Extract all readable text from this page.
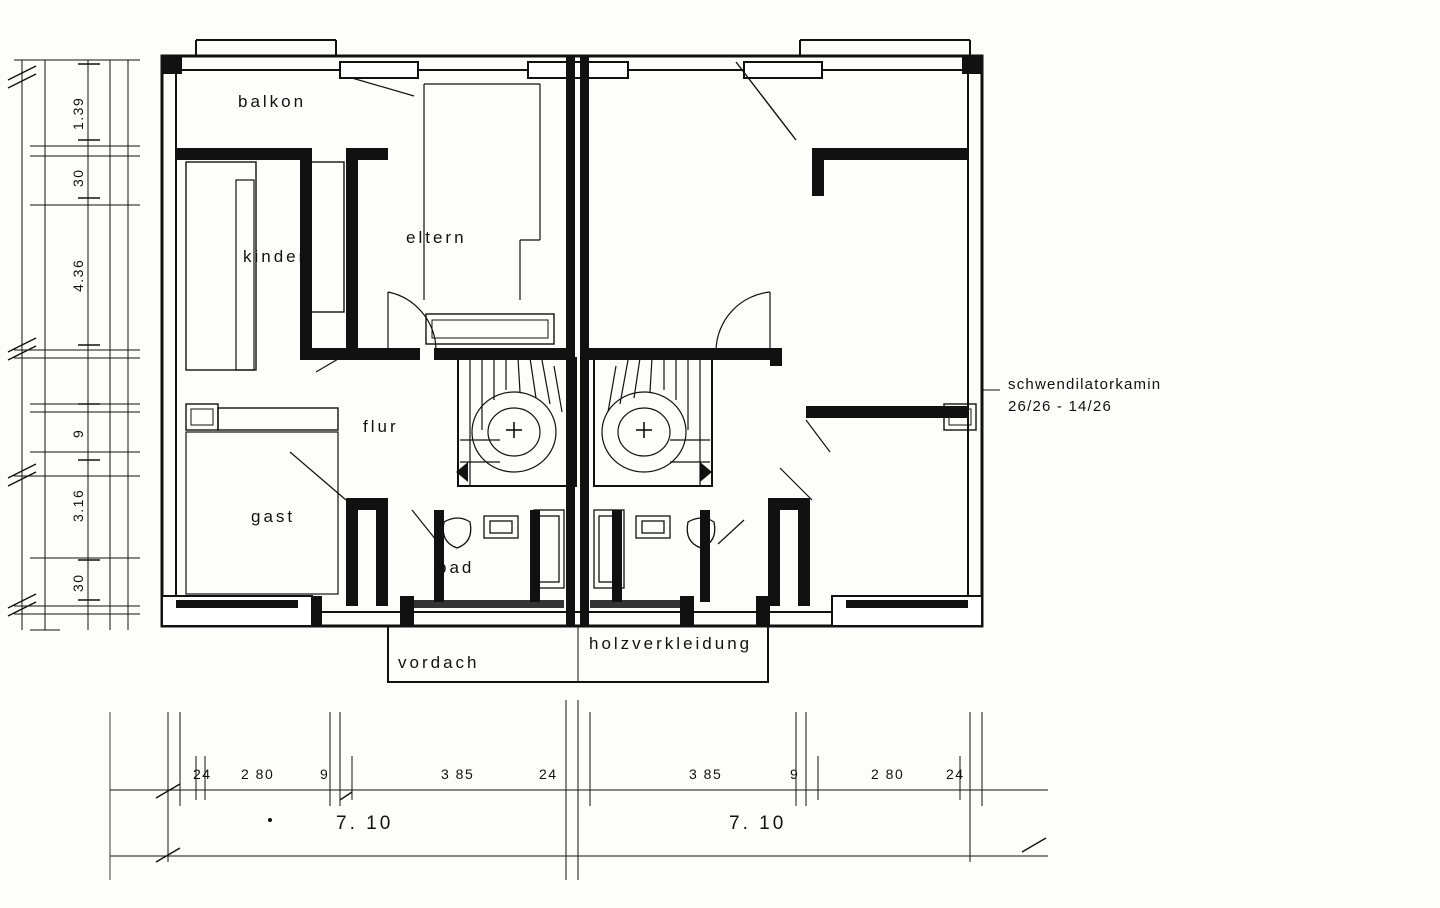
balkon
kinder
eltern
flur
gast
bad
vordach
holzverkleidung
schwendilatorkamin
26/26 - 14/26
1.39
30
4.36
9
3.16
30
24 2 80	9	3 85	24	3 85	9	2 80	24
7. 10	7. 10
